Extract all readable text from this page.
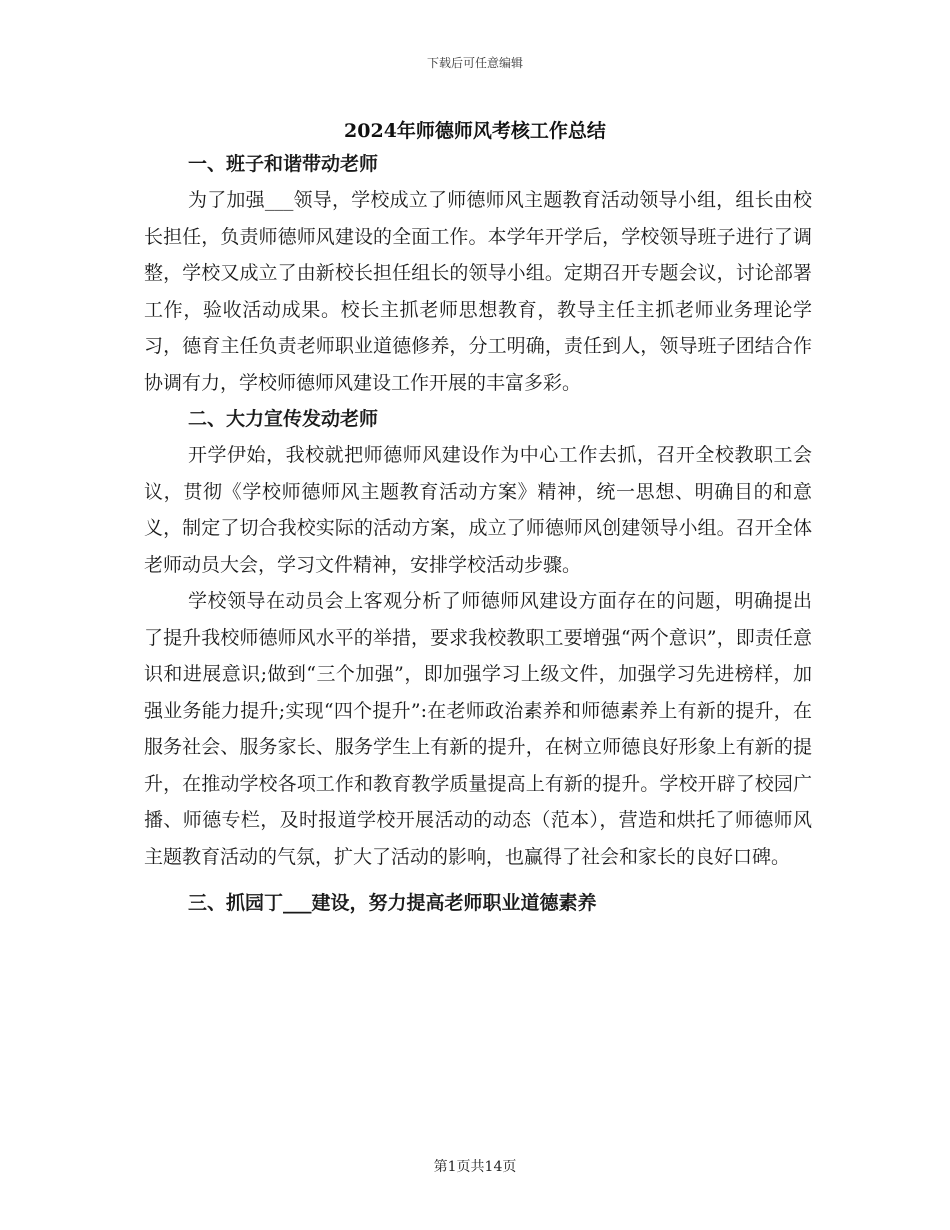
下载后可任意编辑
2024年师德师风考核工作总结

一、班子和谐带动老师

为了加强___领导，学校成立了师德师风主题教育活动领导小组，组长由校长担任，负责师德师风建设的全面工作。本学年开学后，学校领导班子进行了调整，学校又成立了由新校长担任组长的领导小组。定期召开专题会议，讨论部署工作，验收活动成果。校长主抓老师思想教育，教导主任主抓老师业务理论学习，德育主任负责老师职业道德修养，分工明确，责任到人，领导班子团结合作协调有力，学校师德师风建设工作开展的丰富多彩。

二、大力宣传发动老师

开学伊始，我校就把师德师风建设作为中心工作去抓，召开全校教职工会议，贯彻《学校师德师风主题教育活动方案》精神，统一思想、明确目的和意义，制定了切合我校实际的活动方案，成立了师德师风创建领导小组。召开全体老师动员大会，学习文件精神，安排学校活动步骤。

学校领导在动员会上客观分析了师德师风建设方面存在的问题，明确提出了提升我校师德师风水平的举措，要求我校教职工要增强“两个意识”，即责任意识和进展意识;做到“三个加强”，即加强学习上级文件，加强学习先进榜样，加强业务能力提升;实现“四个提升”:在老师政治素养和师德素养上有新的提升，在服务社会、服务家长、服务学生上有新的提升，在树立师德良好形象上有新的提升，在推动学校各项工作和教育教学质量提高上有新的提升。学校开辟了校园广播、师德专栏，及时报道学校开展活动的动态（范本），营造和烘托了师德师风主题教育活动的气氛，扩大了活动的影响，也赢得了社会和家长的良好口碑。

三、抓园丁___建设，努力提高老师职业道德素养

第1页共14页
